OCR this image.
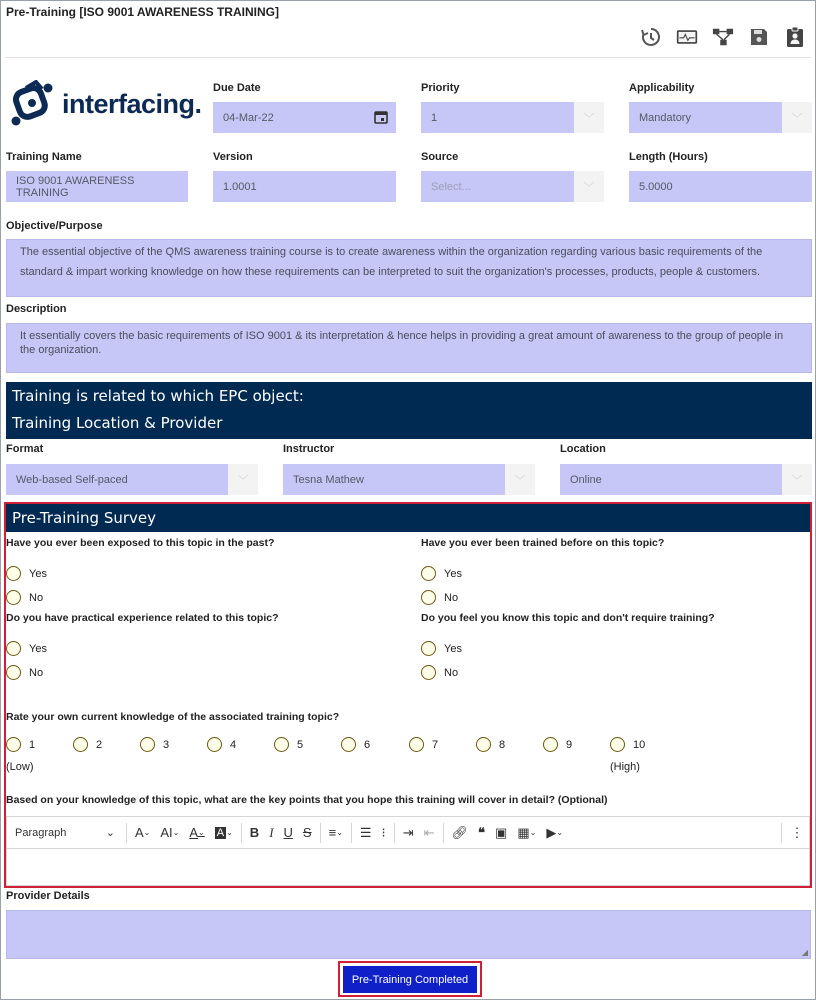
Pre-Training [ISO 9001 AWARENESS TRAINING]
interfacing.
Due Date
04-Mar-22
Priority
1	﹀
Applicability
Mandatory	﹀
Training Name
ISO 9001 AWARENESS TRAINING
Version
1.0001
Source
Select...	﹀
Length (Hours)
5.0000
Objective/Purpose
The essential objective of the QMS awareness training course is to create awareness within the organization regarding various basic requirements of the standard & impart working knowledge on how these requirements can be interpreted to suit the organization's processes, products, people & customers.
Description
It essentially covers the basic requirements of ISO 9001 & its interpretation & hence helps in providing a great amount of awareness to the group of people in the organization.
Training is related to which EPC object:
Training Location & Provider
Format
Web-based Self-paced	﹀
Instructor
Tesna Mathew	﹀
Location
Online	﹀
Pre-Training Survey
Have you ever been exposed to this topic in the past?	Have you ever been trained before on this topic?
Yes
No
Yes
No
Do you have practical experience related to this topic?	Do you feel you know this topic and don't require training?
Yes
No
Yes
No
Rate your own current knowledge of the associated training topic?
1	2	3	4	5	6	7	8	9	10
(Low)	(High)
Based on your knowledge of this topic, what are the key points that you hope this training will cover in detail? (Optional)
Paragraph	⌄	A ⌄ AI ⌄ A ⌄ A ⌄	B I U S	≡ ⌄	☰ ⁝	⇥ ⇤	🔗︎ ❝ ▣ ▦ ⌄ ▶ ⌄	⋮
Provider Details
◢
Pre-Training Completed
